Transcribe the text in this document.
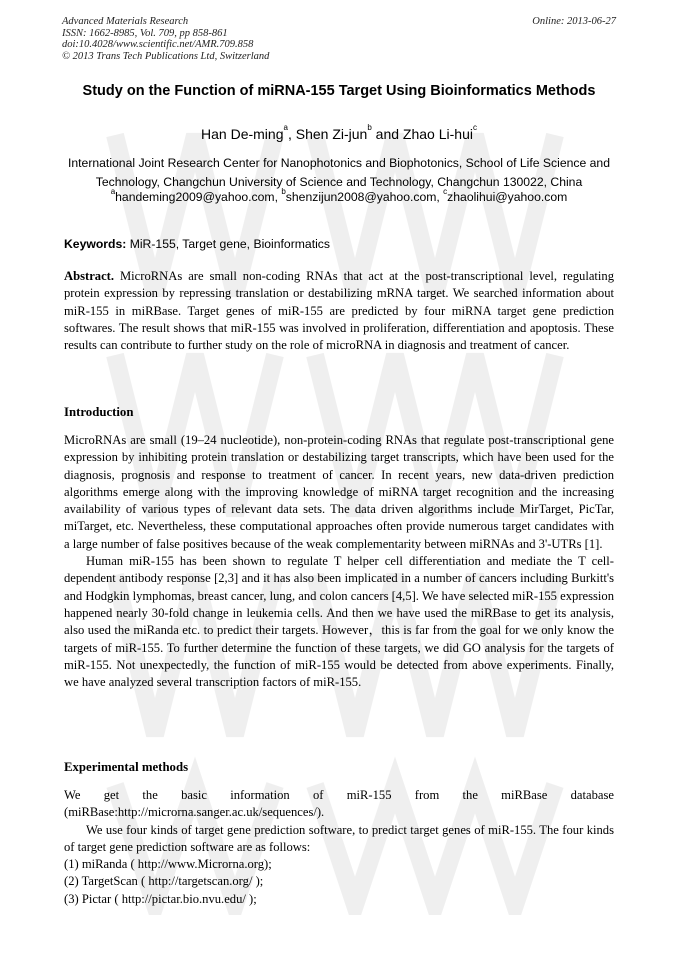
Advanced Materials Research
ISSN: 1662-8985, Vol. 709, pp 858-861
doi:10.4028/www.scientific.net/AMR.709.858
© 2013 Trans Tech Publications Ltd, Switzerland
Online: 2013-06-27
Study on the Function of miRNA-155 Target Using Bioinformatics Methods
Han De-ming$^a$, Shen Zi-jun$^b$ and Zhao Li-hui$^c$
International Joint Research Center for Nanophotonics and Biophotonics, School of Life Science and Technology, Changchun University of Science and Technology, Changchun 130022, China
$^a$handeming2009@yahoo.com, $^b$shenzijun2008@yahoo.com, $^c$zhaolihui@yahoo.com
Keywords: MiR-155, Target gene, Bioinformatics

Abstract. MicroRNAs are small non-coding RNAs that act at the post-transcriptional level, regulating protein expression by repressing translation or destabilizing mRNA target. We searched information about miR-155 in miRBase. Target genes of miR-155 are predicted by four miRNA target gene prediction softwares. The result shows that miR-155 was involved in proliferation, differentiation and apoptosis. These results can contribute to further study on the role of microRNA in diagnosis and treatment of cancer.

Introduction

MicroRNAs are small (19–24 nucleotide), non-protein-coding RNAs that regulate post-transcriptional gene expression by inhibiting protein translation or destabilizing target transcripts, which have been used for the diagnosis, prognosis and response to treatment of cancer. In recent years, new data-driven prediction algorithms emerge along with the improving knowledge of miRNA target recognition and the increasing availability of various types of relevant data sets. The data driven algorithms include MirTarget, PicTar, miTarget, etc. Nevertheless, these computational approaches often provide numerous target candidates with a large number of false positives because of the weak complementarity between miRNAs and 3'-UTRs [1].

Human miR-155 has been shown to regulate T helper cell differentiation and mediate the T cell-dependent antibody response [2,3] and it has also been implicated in a number of cancers including Burkitt's and Hodgkin lymphomas, breast cancer, lung, and colon cancers [4,5]. We have selected miR-155 expression happened nearly 30-fold change in leukemia cells. And then we have used the miRBase to get its analysis, also used the miRanda etc. to predict their targets. However，this is far from the goal for we only know the targets of miR-155. To further determine the function of these targets, we did GO analysis for the targets of miR-155. Not unexpectedly, the function of miR-155 would be detected from above experiments. Finally, we have analyzed several transcription factors of miR-155.

Experimental methods

We get the basic information of miR-155 from the miRBase database (miRBase:http://microrna.sanger.ac.uk/sequences/).

We use four kinds of target gene prediction software, to predict target genes of miR-155. The four kinds of target gene prediction software are as follows:

(1) miRanda ( http://www.Microrna.org);

(2) TargetScan ( http://targetscan.org/ );

(3) Pictar ( http://pictar.bio.nvu.edu/ );
